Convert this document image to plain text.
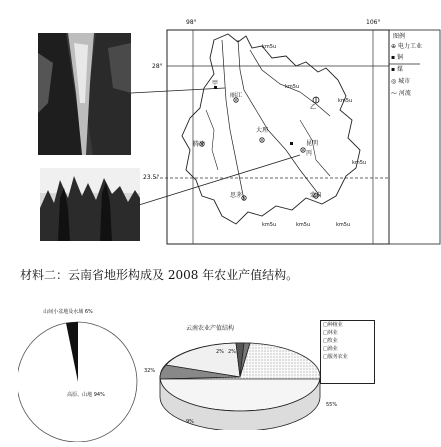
98°	106°
28°
23.5°
甲
丽江
大理
乙
昆明
丙
腾冲
思茅	蒙自
km5u
km5u
km5u
km5u
km5u	km5u	km5u
图例
⊕ 电力工业
▪ 铜
▪ 煤
◎ 城市
⁓ 河流
材料二：云南省地形构成及 2008 年农业产值结构。
山间小盆地及水域 6%
高原、山地 94%
云南农业产值结构
55%
9%
32%
2% 2%
□种植业
□林业
□牧业
□渔业
□服务农业
